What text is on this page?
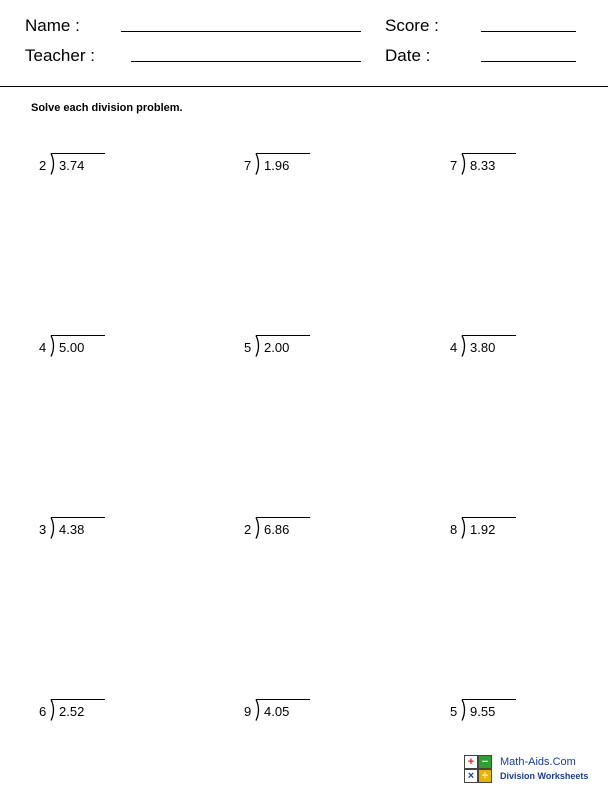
Name :	Score :
Teacher :	Date :
Solve each division problem.
2 3.74	7 1.96	7 8.33
4 5.00	5 2.00	4 3.80
3 4.38	2 6.86	8 1.92
6 2.52	9 4.05	5 9.55
+ −
× ÷
Math-Aids.Com
Division Worksheets
